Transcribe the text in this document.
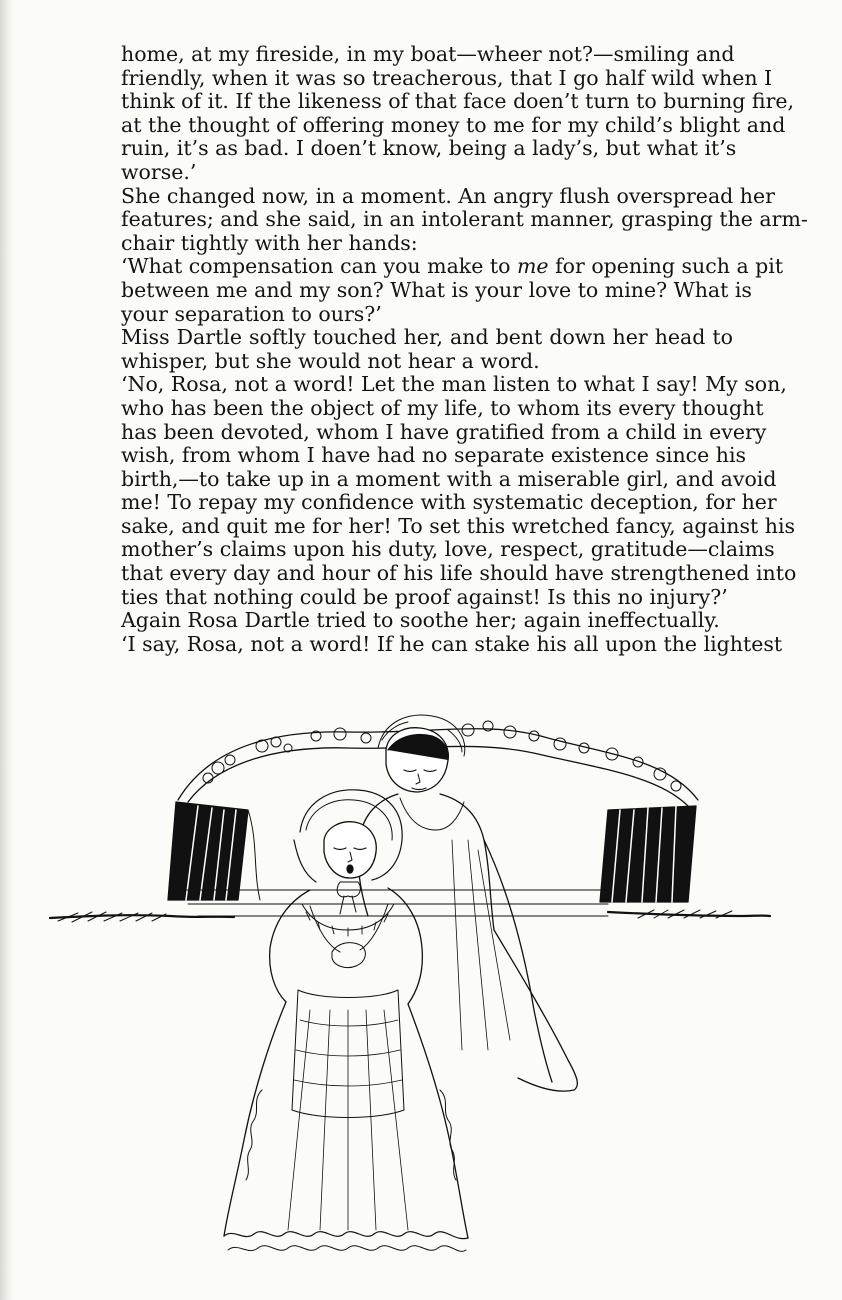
home, at my fireside, in my boat—wheer not?—smiling and
friendly, when it was so treacherous, that I go half wild when I
think of it. If the likeness of that face doen’t turn to burning fire,
at the thought of offering money to me for my child’s blight and
ruin, it’s as bad. I doen’t know, being a lady’s, but what it’s
worse.’
She changed now, in a moment. An angry flush overspread her
features; and she said, in an intolerant manner, grasping the arm-
chair tightly with her hands:
‘What compensation can you make to me for opening such a pit
between me and my son? What is your love to mine? What is
your separation to ours?’
Miss Dartle softly touched her, and bent down her head to
whisper, but she would not hear a word.
‘No, Rosa, not a word! Let the man listen to what I say! My son,
who has been the object of my life, to whom its every thought
has been devoted, whom I have gratified from a child in every
wish, from whom I have had no separate existence since his
birth,—to take up in a moment with a miserable girl, and avoid
me! To repay my confidence with systematic deception, for her
sake, and quit me for her! To set this wretched fancy, against his
mother’s claims upon his duty, love, respect, gratitude—claims
that every day and hour of his life should have strengthened into
ties that nothing could be proof against! Is this no injury?’
Again Rosa Dartle tried to soothe her; again ineffectually.
‘I say, Rosa, not a word! If he can stake his all upon the lightest
